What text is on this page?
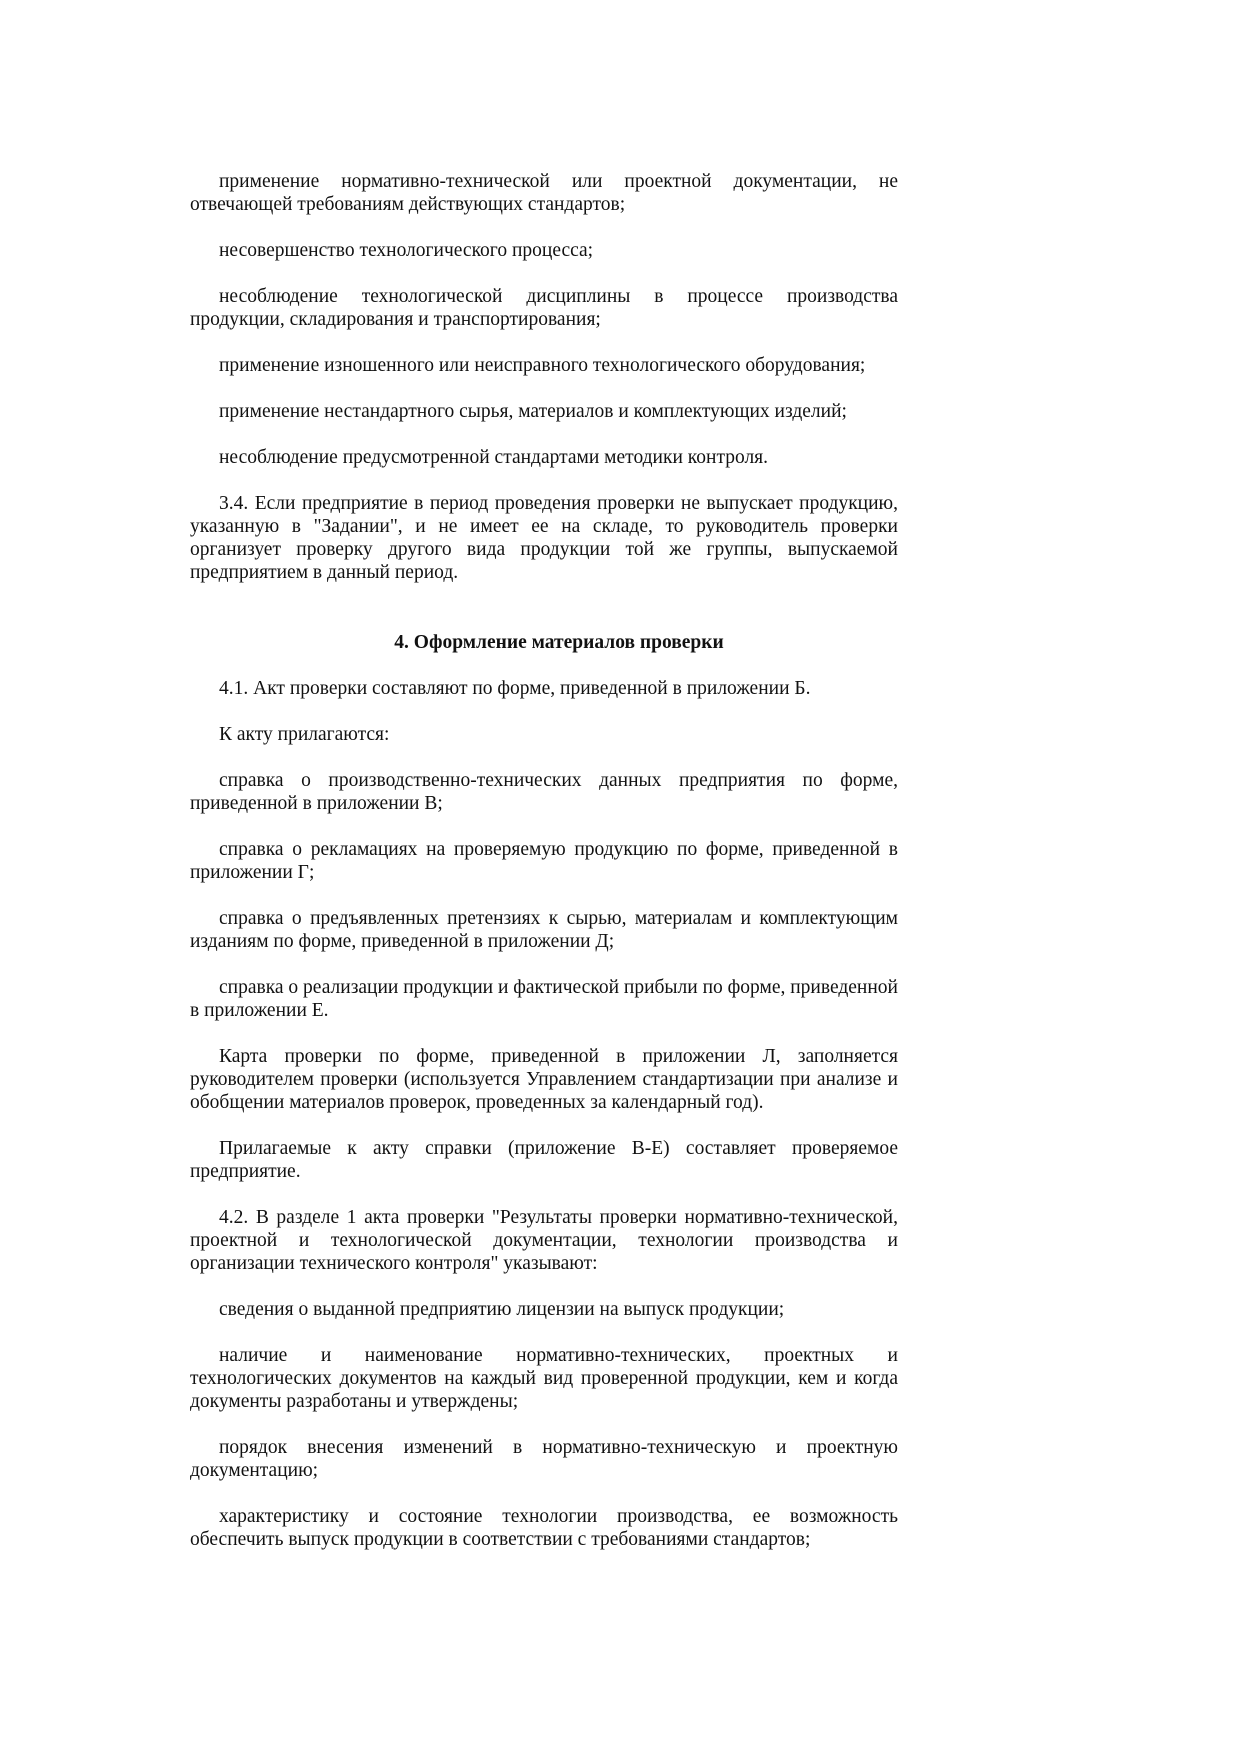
применение нормативно-технической или проектной документации, не отвечающей требованиям действующих стандартов;

несовершенство технологического процесса;

несоблюдение технологической дисциплины в процессе производства продукции, складирования и транспортирования;

применение изношенного или неисправного технологического оборудования;

применение нестандартного сырья, материалов и комплектующих изделий;

несоблюдение предусмотренной стандартами методики контроля.

3.4. Если предприятие в период проведения проверки не выпускает продукцию, указанную в "Задании", и не имеет ее на складе, то руководитель проверки организует проверку другого вида продукции той же группы, выпускаемой предприятием в данный период.

4. Оформление материалов проверки

4.1. Акт проверки составляют по форме, приведенной в приложении Б.

К акту прилагаются:

справка о производственно-технических данных предприятия по форме, приведенной в приложении В;

справка о рекламациях на проверяемую продукцию по форме, приведенной в приложении Г;

справка о предъявленных претензиях к сырью, материалам и комплектующим изданиям по форме, приведенной в приложении Д;

справка о реализации продукции и фактической прибыли по форме, приведенной в приложении Е.

Карта проверки по форме, приведенной в приложении Л, заполняется руководителем проверки (используется Управлением стандартизации при анализе и обобщении материалов проверок, проведенных за календарный год).

Прилагаемые к акту справки (приложение В-Е) составляет проверяемое предприятие.

4.2. В разделе 1 акта проверки "Результаты проверки нормативно-технической, проектной и технологической документации, технологии производства и организации технического контроля" указывают:

сведения о выданной предприятию лицензии на выпуск продукции;

наличие и наименование нормативно-технических, проектных и технологических документов на каждый вид проверенной продукции, кем и когда документы разработаны и утверждены;

порядок внесения изменений в нормативно-техническую и проектную документацию;

характеристику и состояние технологии производства, ее возможность обеспечить выпуск продукции в соответствии с требованиями стандартов;
